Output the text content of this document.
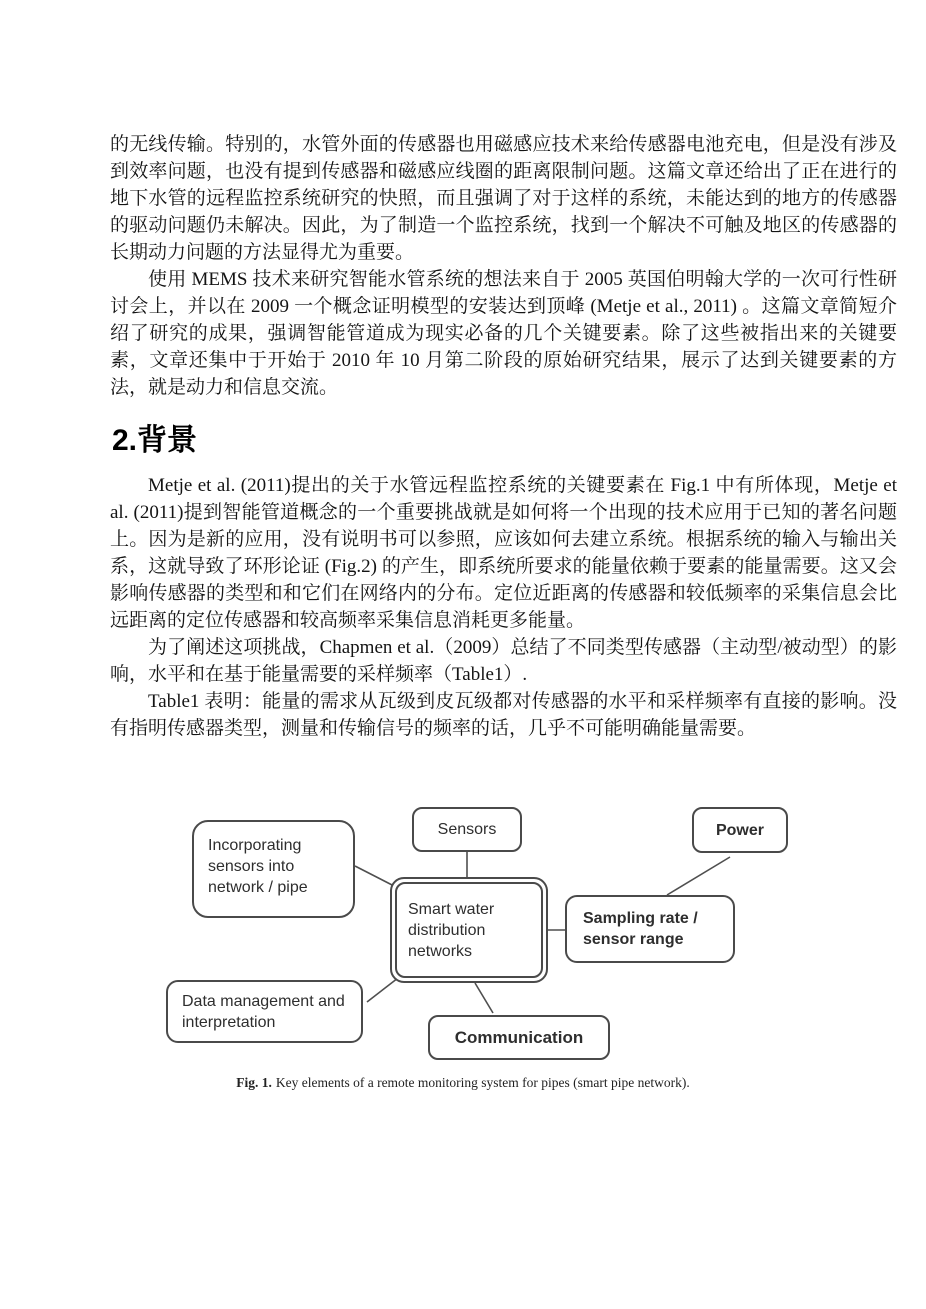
的无线传输。特别的，水管外面的传感器也用磁感应技术来给传感器电池充电，但是没有涉及到效率问题，也没有提到传感器和磁感应线圈的距离限制问题。这篇文章还给出了正在进行的地下水管的远程监控系统研究的快照，而且强调了对于这样的系统，未能达到的地方的传感器的驱动问题仍未解决。因此，为了制造一个监控系统，找到一个解决不可触及地区的传感器的长期动力问题的方法显得尤为重要。

使用 MEMS 技术来研究智能水管系统的想法来自于 2005 英国伯明翰大学的一次可行性研讨会上，并以在 2009 一个概念证明模型的安装达到顶峰 (Metje et al., 2011) 。这篇文章简短介绍了研究的成果，强调智能管道成为现实必备的几个关键要素。除了这些被指出来的关键要素，文章还集中于开始于 2010 年 10 月第二阶段的原始研究结果，展示了达到关键要素的方法，就是动力和信息交流。

2.背景

Metje et al. (2011)提出的关于水管远程监控系统的关键要素在 Fig.1 中有所体现，Metje et al. (2011)提到智能管道概念的一个重要挑战就是如何将一个出现的技术应用于已知的著名问题上。因为是新的应用，没有说明书可以参照，应该如何去建立系统。根据系统的输入与输出关系，这就导致了环形论证 (Fig.2) 的产生，即系统所要求的能量依赖于要素的能量需要。这又会影响传感器的类型和和它们在网络内的分布。定位近距离的传感器和较低频率的采集信息会比远距离的定位传感器和较高频率采集信息消耗更多能量。

为了阐述这项挑战，Chapmen et al.（2009）总结了不同类型传感器（主动型/被动型）的影响，水平和在基于能量需要的采样频率（Table1）.

Table1 表明：能量的需求从瓦级到皮瓦级都对传感器的水平和采样频率有直接的影响。没有指明传感器类型，测量和传输信号的频率的话，几乎不可能明确能量需要。

Incorporating sensors into network / pipe
Sensors	Power
Smart water distribution networks
Sampling rate / sensor range
Data management and interpretation
Communication
Fig. 1. Key elements of a remote monitoring system for pipes (smart pipe network).
